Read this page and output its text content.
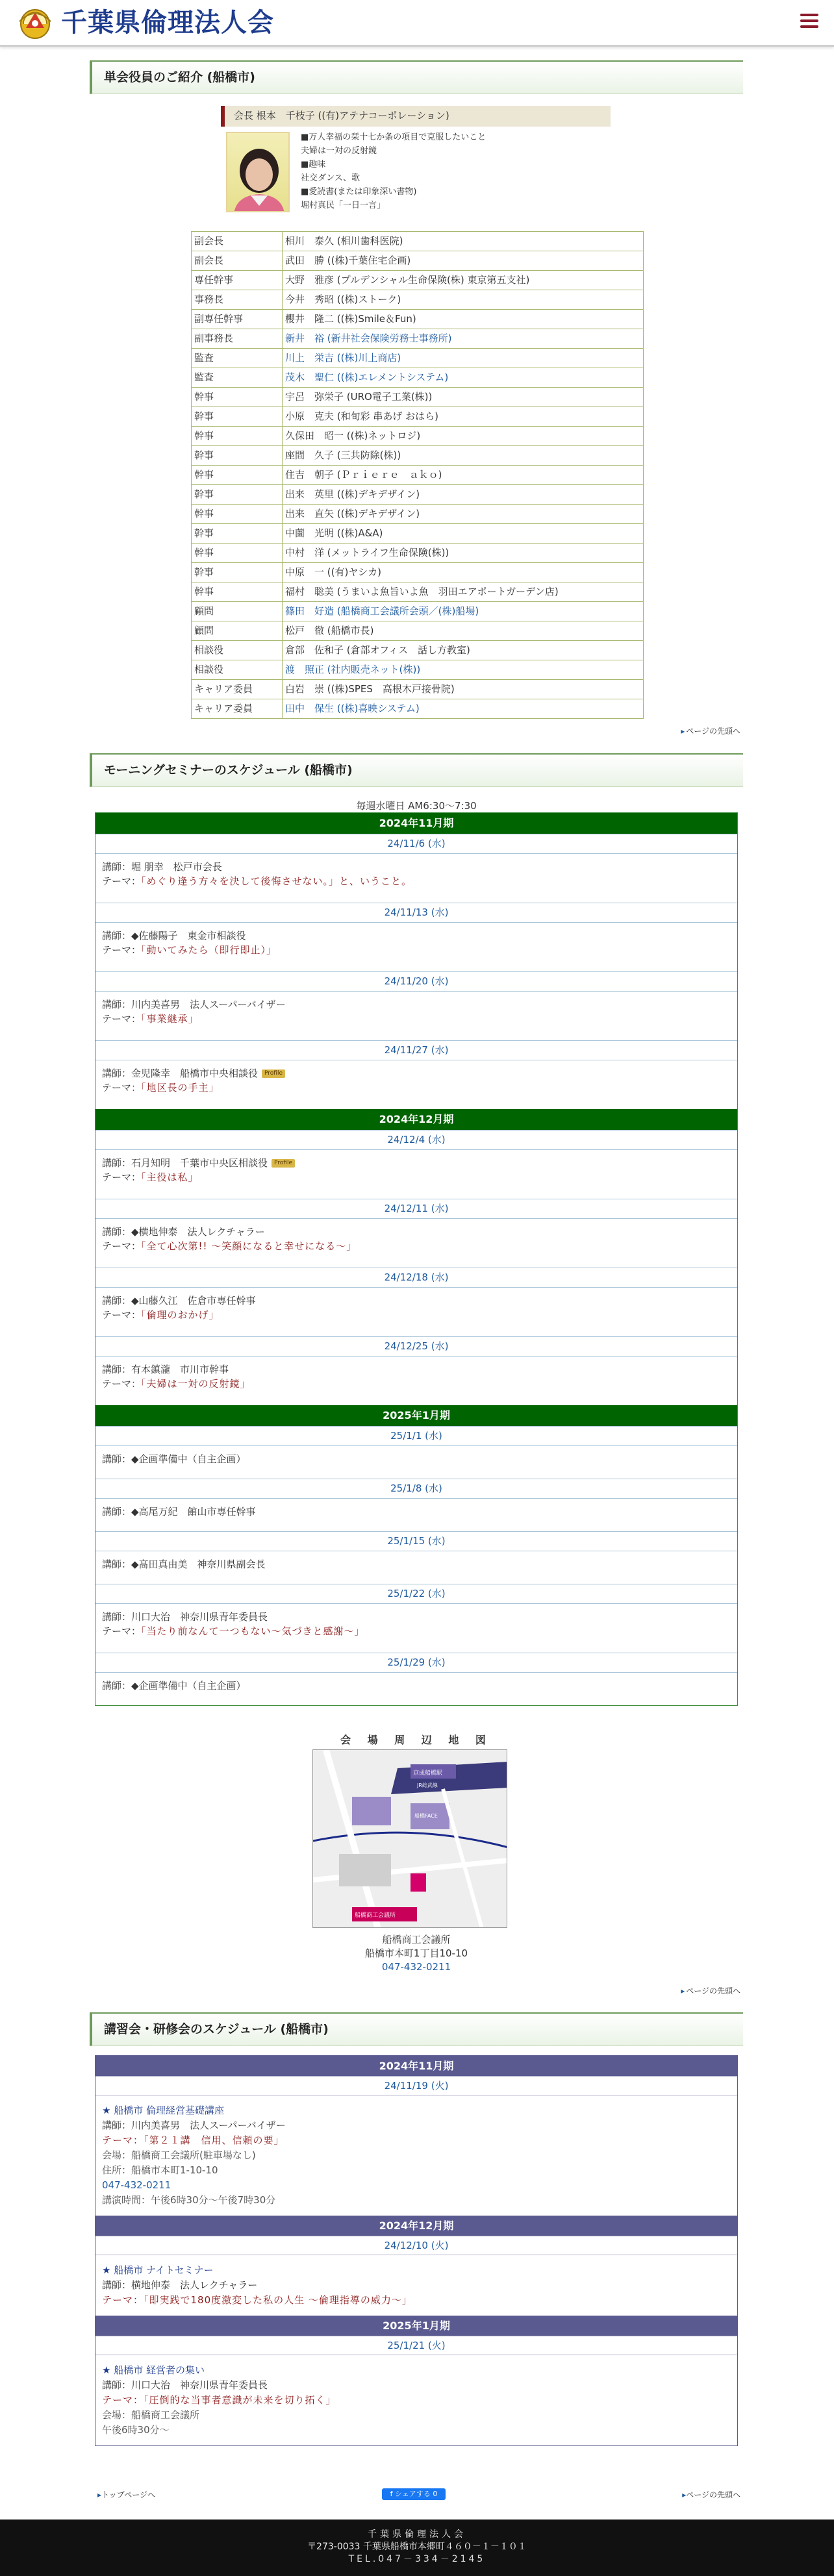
千葉県倫理法人会
単会役員のご紹介 (船橋市)
会長 根本　千枝子 ((有)アテナコーポレーション)
■万人幸福の栞十七か条の項目で克服したいこと
夫婦は一対の反射鏡
■趣味
社交ダンス、歌
■愛読書(または印象深い書物)
堀村真民「一日一言」
副会長	相川　泰久 (相川歯科医院)
副会長	武田　勝 ((株)千葉住宅企画)
専任幹事	大野　雅彦 (プルデンシャル生命保険(株) 東京第五支社)
事務長	今井　秀昭 ((株)ストーク)
副専任幹事	櫻井　隆二 ((株)Smile＆Fun)
副事務長	新井　裕 (新井社会保険労務士事務所)
監査	川上　栄吉 ((株)川上商店)
監査	茂木　聖仁 ((株)エレメントシステム)
幹事	宇呂　弥栄子 (URO電子工業(株))
幹事	小原　克夫 (和旬彩 串あげ おはら)
幹事	久保田　昭一 ((株)ネットロジ)
幹事	座間　久子 (三共防除(株))
幹事	住吉　朝子 (Ｐｒｉｅｒｅ　ａｋｏ)
幹事	出来　英里 ((株)デキデザイン)
幹事	出来　直矢 ((株)デキデザイン)
幹事	中薗　光明 ((株)A&A)
幹事	中村　洋 (メットライフ生命保険(株))
幹事	中原　一 ((有)ヤシカ)
幹事	福村　聡美 (うまいよ魚旨いよ魚　羽田エアポートガーデン店)
顧問	篠田　好造 (船橋商工会議所会頭／(株)船場)
顧問	松戸　徹 (船橋市長)
相談役	倉部　佐和子 (倉部オフィス　話し方教室)
相談役	渡　照正 (社内販売ネット(株))
キャリア委員	白岩　崇 ((株)SPES　高根木戸接骨院)
キャリア委員	田中　保生 ((株)喜映システム)
▸ ページの先頭へ
モーニングセミナーのスケジュール (船橋市)
毎週水曜日 AM6:30～7:30
2024年11月期
24/11/6 (水)
講師：堀 朋幸　松戸市会長
テーマ：「めぐり逢う方々を決して後悔させない。」と、いうこと。
24/11/13 (水)
講師：◆佐藤陽子　東金市相談役
テーマ：「動いてみたら（即行即止）」
24/11/20 (水)
講師：川内美喜男　法人スーパーバイザー
テーマ：「事業継承」
24/11/27 (水)
講師：金児隆幸　船橋市中央相談役 Profile
テーマ：「地区長の手主」
2024年12月期
24/12/4 (水)
講師：石月知明　千葉市中央区相談役 Profile
テーマ：「主役は私」
24/12/11 (水)
講師：◆横地伸泰　法人レクチャラー
テーマ：「全て心次第!! 〜笑顔になると幸せになる〜」
24/12/18 (水)
講師：◆山藤久江　佐倉市専任幹事
テーマ：「倫理のおかげ」
24/12/25 (水)
講師：有本鎮瀧　市川市幹事
テーマ：「夫婦は一対の反射鏡」
2025年1月期
25/1/1 (水)
講師：◆企画準備中（自主企画）
25/1/8 (水)
講師：◆高尾万紀　館山市専任幹事
25/1/15 (水)
講師：◆髙田真由美　神奈川県副会長
25/1/22 (水)
講師：川口大治　神奈川県青年委員長
テーマ：「当たり前なんて一つもない〜気づきと感謝〜」
25/1/29 (水)
講師：◆企画準備中（自主企画）
会 場 周 辺 地 図
京成船橋駅
JR総武線
船橋FACE
船橋商工会議所
船橋商工会議所
船橋市本町1丁目10-10
047-432-0211
▸ ページの先頭へ
講習会・研修会のスケジュール (船橋市)
2024年11月期
24/11/19 (火)
★ 船橋市 倫理経営基礎講座
講師：川内美喜男　法人スーパーバイザー
テーマ：「第２１講　信用、信頼の要」
会場：船橋商工会議所(駐車場なし)
住所：船橋市本町1-10-10
047-432-0211
講演時間：午後6時30分〜午後7時30分
2024年12月期
24/12/10 (火)
★ 船橋市 ナイトセミナー
講師：横地伸泰　法人レクチャラー
テーマ：「即実践で180度激変した私の人生 〜倫理指導の威力〜」
2025年1月期
25/1/21 (火)
★ 船橋市 経営者の集い
講師：川口大治　神奈川県青年委員長
テーマ：「圧倒的な当事者意識が未来を切り拓く」
会場：船橋商工会議所
午後6時30分〜
▸ トップページへ	f シェアする 0	▸ ページの先頭へ
千葉県倫理法人会
〒273-0033 千葉県船橋市本郷町４６０－１－１０１
TEL.047－334－2145
